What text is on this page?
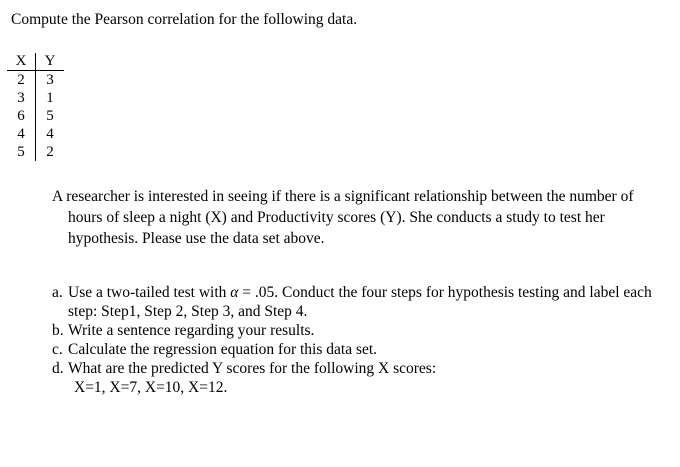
Compute the Pearson correlation for the following data.
X	Y
2	3
3	1
6	5
4	4
5	2
A researcher is interested in seeing if there is a significant relationship between the number of hours of sleep a night (X) and Productivity scores (Y). She conducts a study to test her hypothesis. Please use the data set above.
a. Use a two-tailed test with α = .05. Conduct the four steps for hypothesis testing and label each step: Step1, Step 2, Step 3, and Step 4.
b. Write a sentence regarding your results.
c. Calculate the regression equation for this data set.
d. What are the predicted Y scores for the following X scores:
X=1, X=7, X=10, X=12.
